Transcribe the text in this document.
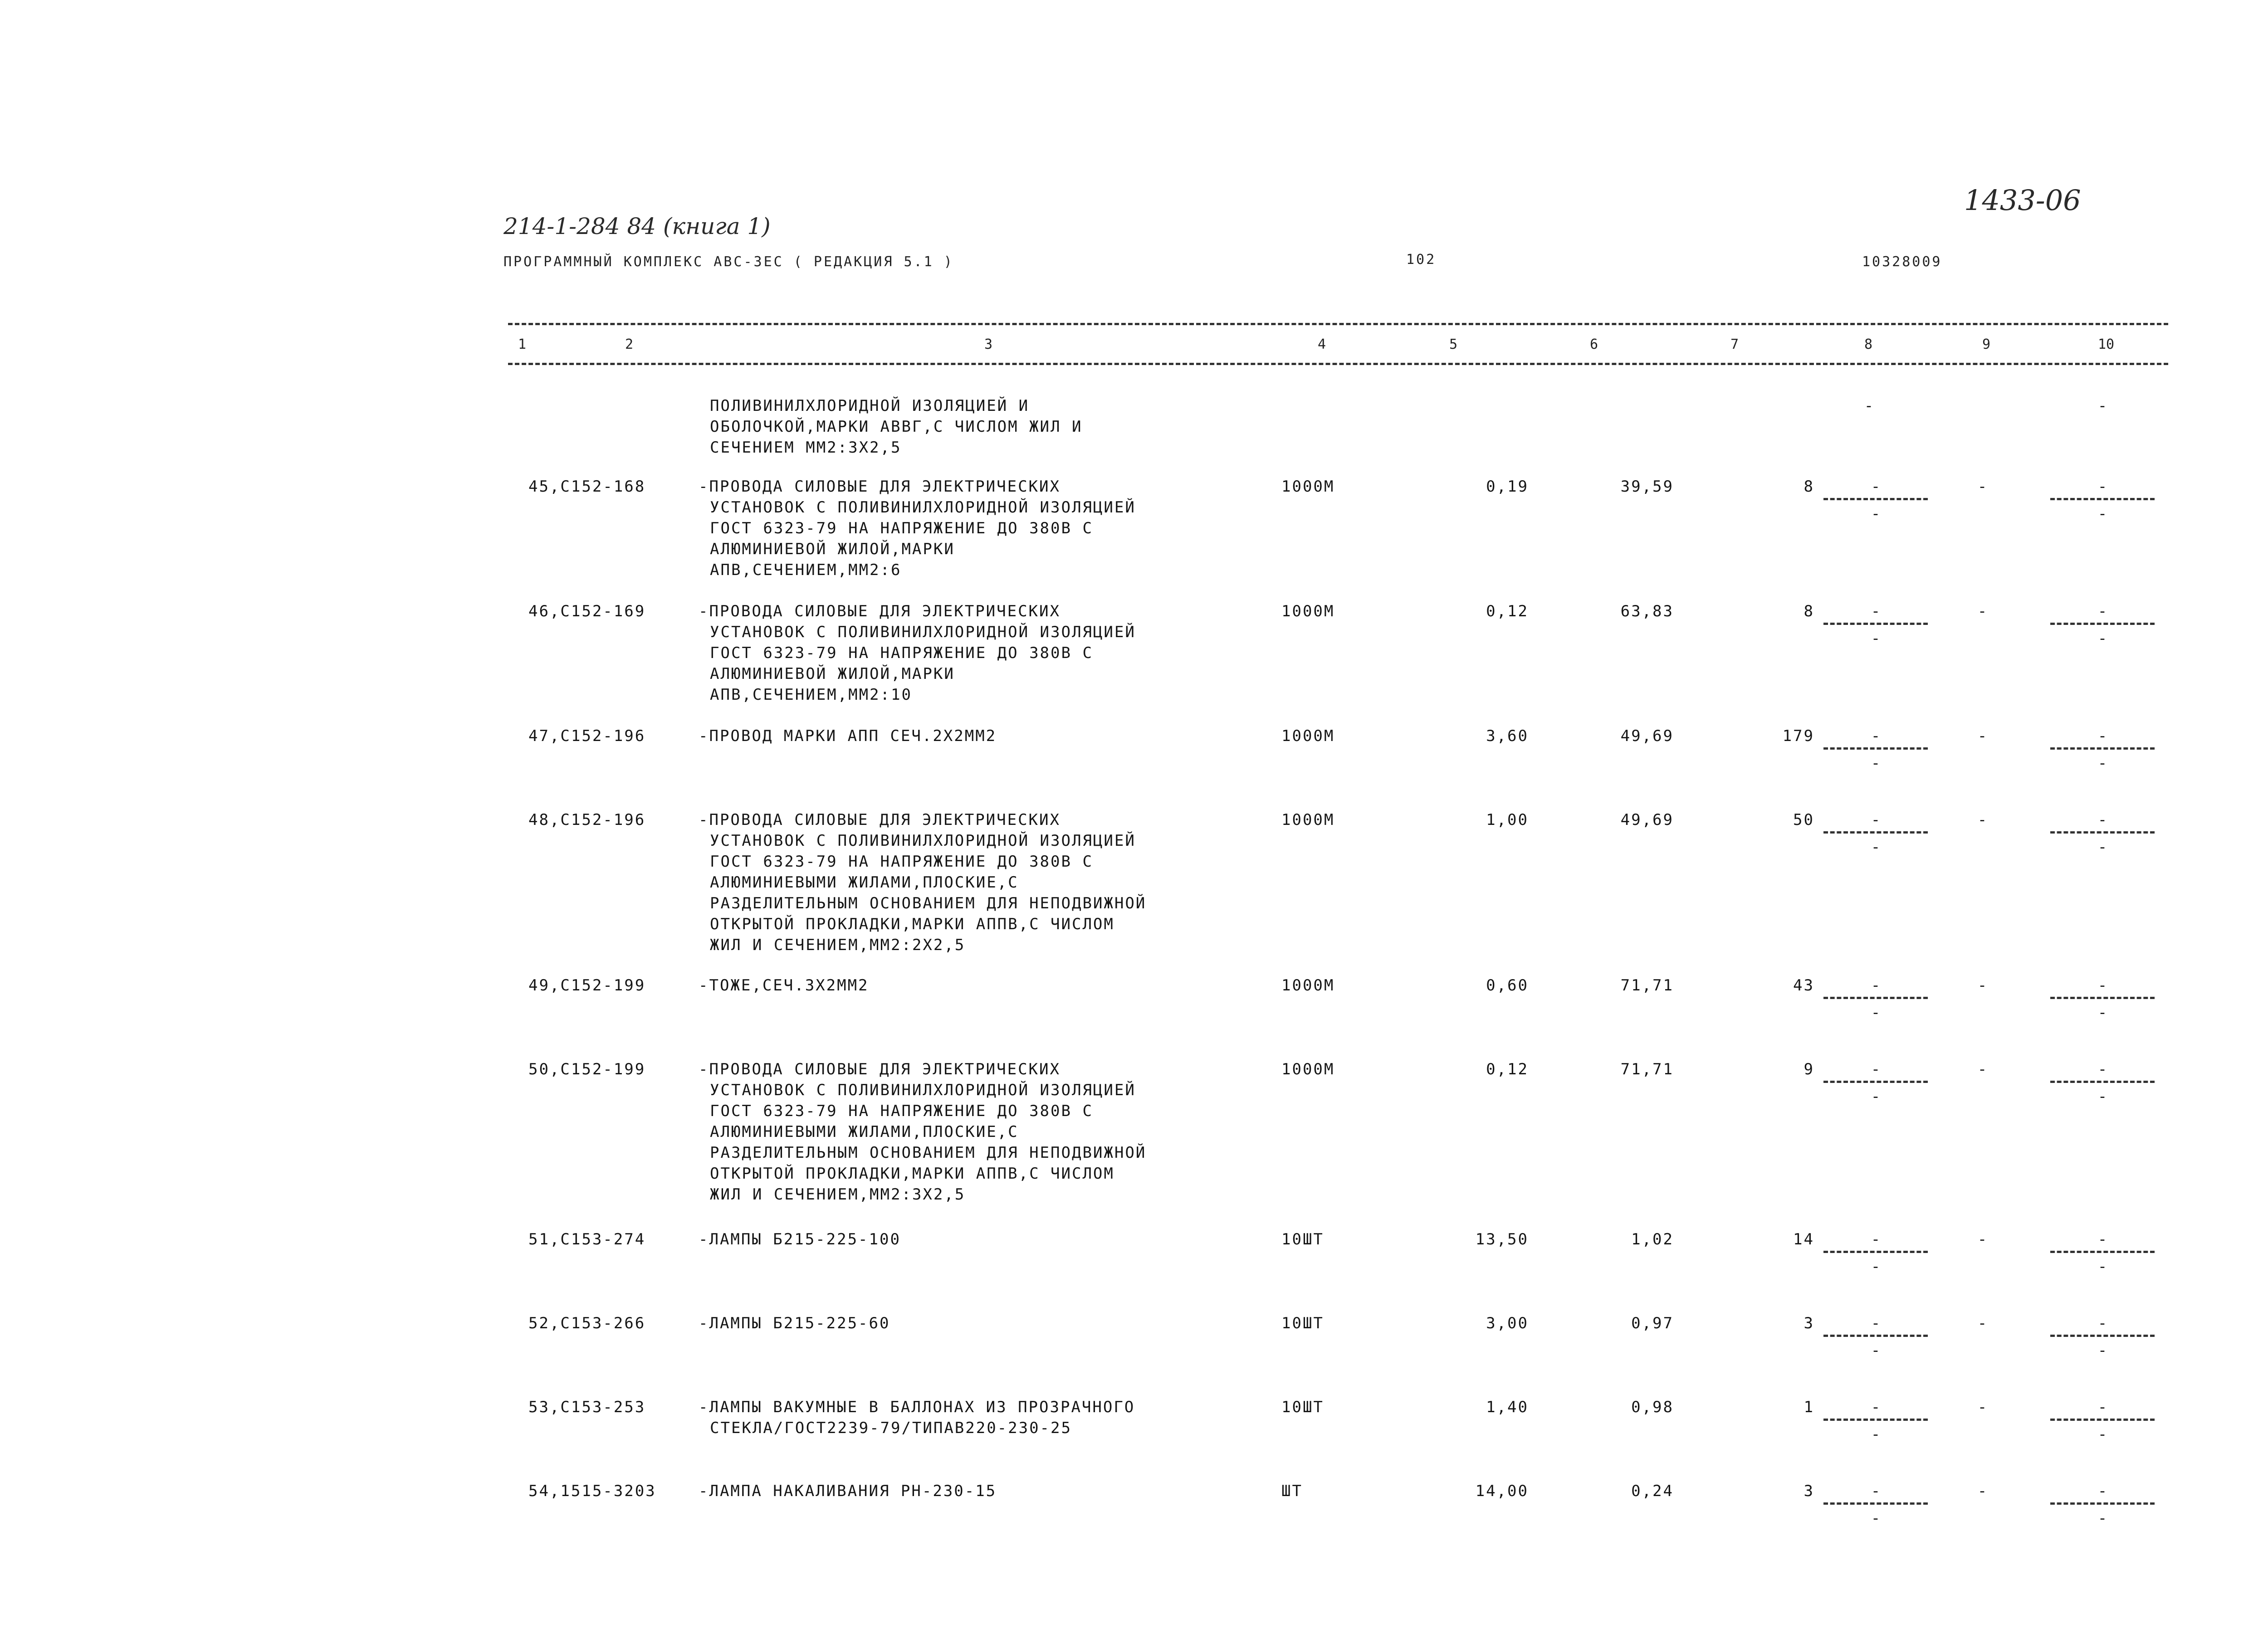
214-1-284 84 (книга 1)
1433-06
ПРОГРАММНЫЙ КОМПЛЕКС АВС-3ЕС ( РЕДАКЦИЯ 5.1 )	102	10328009
1	2	3	4	5	6	7	8	9	10
ПОЛИВИНИЛХЛОРИДНОЙ ИЗОЛЯЦИЕЙ И
ОБОЛОЧКОЙ,МАРКИ АВВГ,С ЧИСЛОМ ЖИЛ И
СЕЧЕНИЕМ ММ2:3Х2,5
-	-
45,С152-168	-ПРОВОДА СИЛОВЫЕ ДЛЯ ЭЛЕКТРИЧЕСКИХ
УСТАНОВОК С ПОЛИВИНИЛХЛОРИДНОЙ ИЗОЛЯЦИЕЙ
ГОСТ 6323-79 НА НАПРЯЖЕНИЕ ДО 380В С
АЛЮМИНИЕВОЙ ЖИЛОЙ,МАРКИ
АПВ,СЕЧЕНИЕМ,ММ2:6
1000М	0,19	39,59	8	-
-
-	-
-
46,С152-169	-ПРОВОДА СИЛОВЫЕ ДЛЯ ЭЛЕКТРИЧЕСКИХ
УСТАНОВОК С ПОЛИВИНИЛХЛОРИДНОЙ ИЗОЛЯЦИЕЙ
ГОСТ 6323-79 НА НАПРЯЖЕНИЕ ДО 380В С
АЛЮМИНИЕВОЙ ЖИЛОЙ,МАРКИ
АПВ,СЕЧЕНИЕМ,ММ2:10
1000М	0,12	63,83	8	-
-
-	-
-
47,С152-196	-ПРОВОД МАРКИ АПП СЕЧ.2Х2ММ2	1000М	3,60	49,69	179	-
-
-	-
-
48,С152-196	-ПРОВОДА СИЛОВЫЕ ДЛЯ ЭЛЕКТРИЧЕСКИХ
УСТАНОВОК С ПОЛИВИНИЛХЛОРИДНОЙ ИЗОЛЯЦИЕЙ
ГОСТ 6323-79 НА НАПРЯЖЕНИЕ ДО 380В С
АЛЮМИНИЕВЫМИ ЖИЛАМИ,ПЛОСКИЕ,С
РАЗДЕЛИТЕЛЬНЫМ ОСНОВАНИЕМ ДЛЯ НЕПОДВИЖНОЙ
ОТКРЫТОЙ ПРОКЛАДКИ,МАРКИ АППВ,С ЧИСЛОМ
ЖИЛ И СЕЧЕНИЕМ,ММ2:2Х2,5
1000М	1,00	49,69	50	-
-
-	-
-
49,С152-199	-ТОЖЕ,СЕЧ.3Х2ММ2	1000М	0,60	71,71	43	-
-
-	-
-
50,С152-199	-ПРОВОДА СИЛОВЫЕ ДЛЯ ЭЛЕКТРИЧЕСКИХ
УСТАНОВОК С ПОЛИВИНИЛХЛОРИДНОЙ ИЗОЛЯЦИЕЙ
ГОСТ 6323-79 НА НАПРЯЖЕНИЕ ДО 380В С
АЛЮМИНИЕВЫМИ ЖИЛАМИ,ПЛОСКИЕ,С
РАЗДЕЛИТЕЛЬНЫМ ОСНОВАНИЕМ ДЛЯ НЕПОДВИЖНОЙ
ОТКРЫТОЙ ПРОКЛАДКИ,МАРКИ АППВ,С ЧИСЛОМ
ЖИЛ И СЕЧЕНИЕМ,ММ2:3Х2,5
1000М	0,12	71,71	9	-
-
-	-
-
51,С153-274	-ЛАМПЫ Б215-225-100	10ШТ	13,50	1,02	14	-
-
-	-
-
52,С153-266	-ЛАМПЫ Б215-225-60	10ШТ	3,00	0,97	3	-
-
-	-
-
53,С153-253	-ЛАМПЫ ВАКУМНЫЕ В БАЛЛОНАХ ИЗ ПРОЗРАЧНОГО
СТЕКЛА/ГОСТ2239-79/ТИПАВ220-230-25
10ШТ	1,40	0,98	1	-
-
-	-
-
54,1515-3203	-ЛАМПА НАКАЛИВАНИЯ РН-230-15	ШТ	14,00	0,24	3	-
-
-	-
-
